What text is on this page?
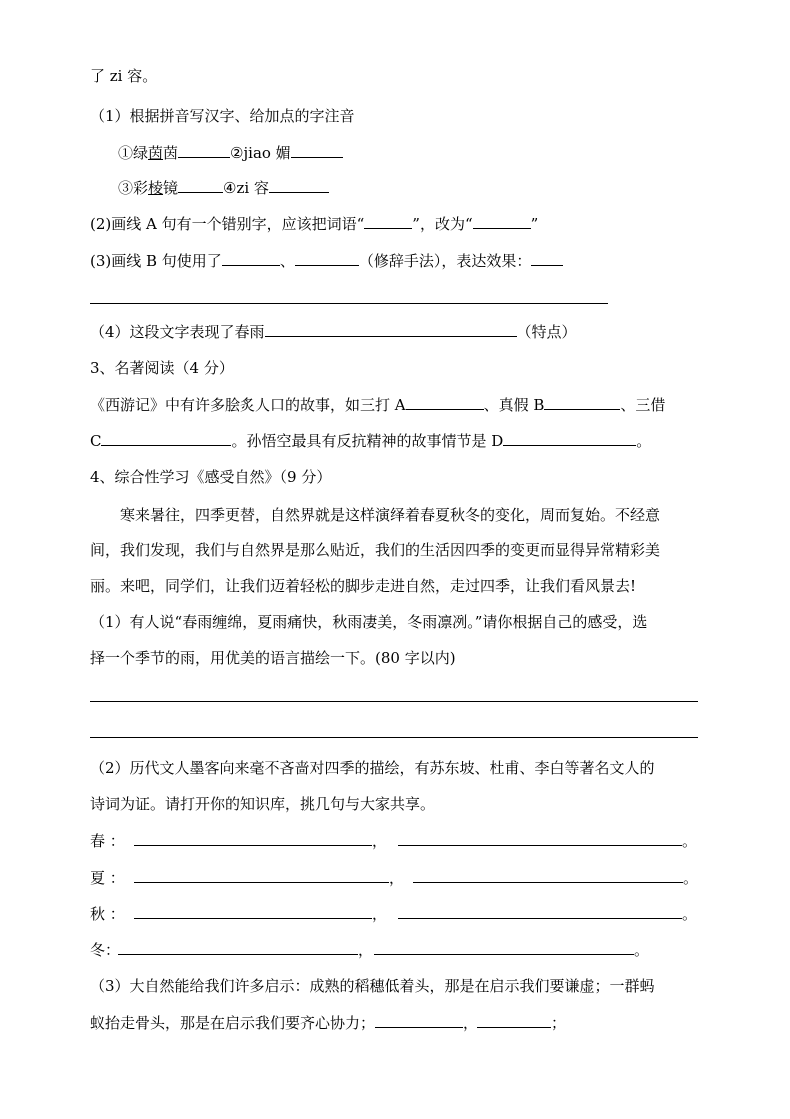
了 zi 容。
（1）根据拼音写汉字、给加点的字注音
①绿茵茵	②jiao 媚
③彩棱镜	④zi 容
(2)画线 A 句有一个错别字，应该把词语“	”，改为“	”
(3)画线 B 句使用了	、	（修辞手法），表达效果：
（4）这段文字表现了春雨	（特点）
3、名著阅读（4 分）
《西游记》中有许多脍炙人口的故事，如三打 A	、真假 B	、三借
C	。孙悟空最具有反抗精神的故事情节是 D	。
4、综合性学习《感受自然》（9 分）
寒来暑往，四季更替，自然界就是这样演绎着春夏秋冬的变化，周而复始。不经意
间，我们发现，我们与自然界是那么贴近，我们的生活因四季的变更而显得异常精彩美
丽。来吧，同学们，让我们迈着轻松的脚步走进自然，走过四季，让我们看风景去!
（1）有人说“春雨缠绵，夏雨痛快，秋雨凄美，冬雨凛冽。”请你根据自己的感受，选
择一个季节的雨，用优美的语言描绘一下。(80 字以内)
（2）历代文人墨客向来毫不吝啬对四季的描绘，有苏东坡、杜甫、李白等著名文人的
诗词为证。请打开你的知识库，挑几句与大家共享。
春 ：	，	。
夏 ：	，	。
秋 ：	，	。
冬：	，	。
（3）大自然能给我们许多启示：成熟的稻穗低着头，那是在启示我们要谦虚；一群蚂
蚁抬走骨头，那是在启示我们要齐心协力；	，	；
